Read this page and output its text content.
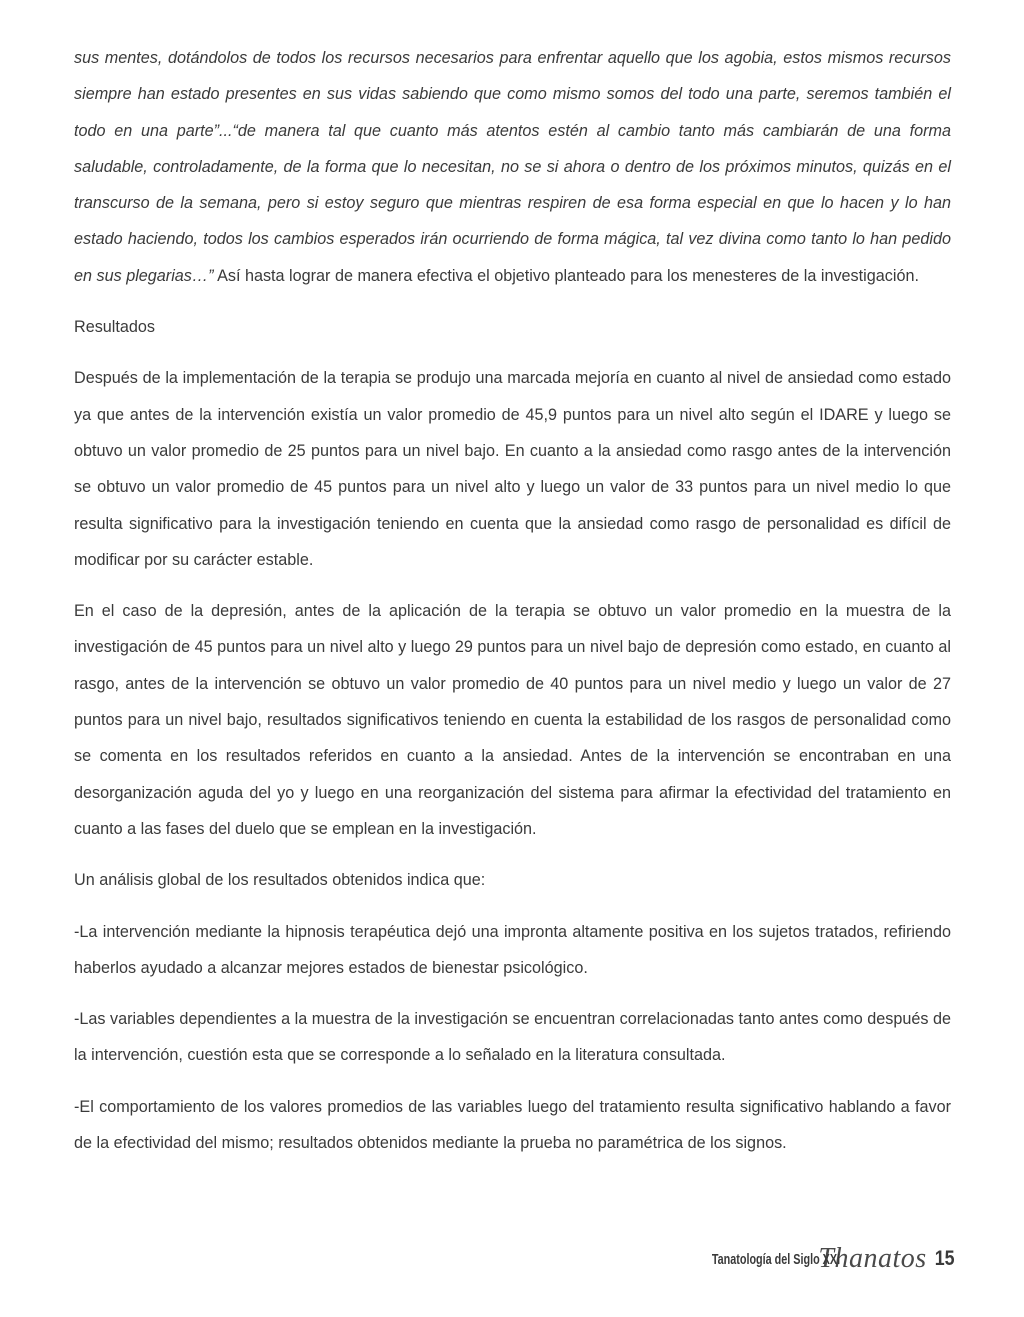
sus mentes, dotándolos de todos los recursos necesarios para enfrentar aquello que los agobia, estos mismos recursos siempre han estado presentes en sus vidas sabiendo que como mismo somos del todo una parte, seremos también el todo en una parte”...“de manera tal que cuanto más atentos estén al cambio tanto más cambiarán de una forma saludable, controladamente, de la forma que lo necesitan, no se si ahora o dentro de los próximos minutos, quizás en el transcurso de la semana, pero si estoy seguro que mientras respiren de esa forma especial en que lo hacen y lo han estado haciendo, todos los cambios esperados irán ocurriendo de forma mágica, tal vez divina como tanto lo han pedido en sus plegarias…” Así hasta lograr de manera efectiva el objetivo planteado para los menesteres de la investigación.

Resultados

Después de la implementación de la terapia se produjo una marcada mejoría en cuanto al nivel de ansiedad como estado ya que antes de la intervención existía un valor promedio de 45,9 puntos para un nivel alto según el IDARE y luego se obtuvo un valor promedio de 25 puntos para un nivel bajo. En cuanto a la ansiedad como rasgo antes de la intervención se obtuvo un valor promedio de 45 puntos para un nivel alto y luego un valor de 33 puntos para un nivel medio lo que resulta significativo para la investigación teniendo en cuenta que la ansiedad como rasgo de personalidad es difícil de modificar por su carácter estable.

En el caso de la depresión, antes de la aplicación de la terapia se obtuvo un valor promedio en la muestra de la investigación de 45 puntos para un nivel alto y luego 29 puntos para un nivel bajo de depresión como estado, en cuanto al rasgo, antes de la intervención se obtuvo un valor promedio de 40 puntos para un nivel medio y luego un valor de 27 puntos para un nivel bajo, resultados significativos teniendo en cuenta la estabilidad de los rasgos de personalidad como se comenta en los resultados referidos en cuanto a la ansiedad. Antes de la intervención se encontraban en una desorganización aguda del yo y luego en una reorganización del sistema para afirmar la efectividad del tratamiento en cuanto a las fases del duelo que se emplean en la investigación.

Un análisis global de los resultados obtenidos indica que:

-La intervención mediante la hipnosis terapéutica dejó una impronta altamente positiva en los sujetos tratados, refiriendo haberlos ayudado a alcanzar mejores estados de bienestar psicológico.

-Las variables dependientes a la muestra de la investigación se encuentran correlacionadas tanto antes como después de la intervención, cuestión esta que se corresponde a lo señalado en la literatura consultada.

-El comportamiento de los valores promedios de las variables luego del tratamiento resulta significativo hablando a favor de la efectividad del mismo; resultados obtenidos mediante la prueba no paramétrica de los signos.

Tanatología del Siglo XXI
Thanatos 15
